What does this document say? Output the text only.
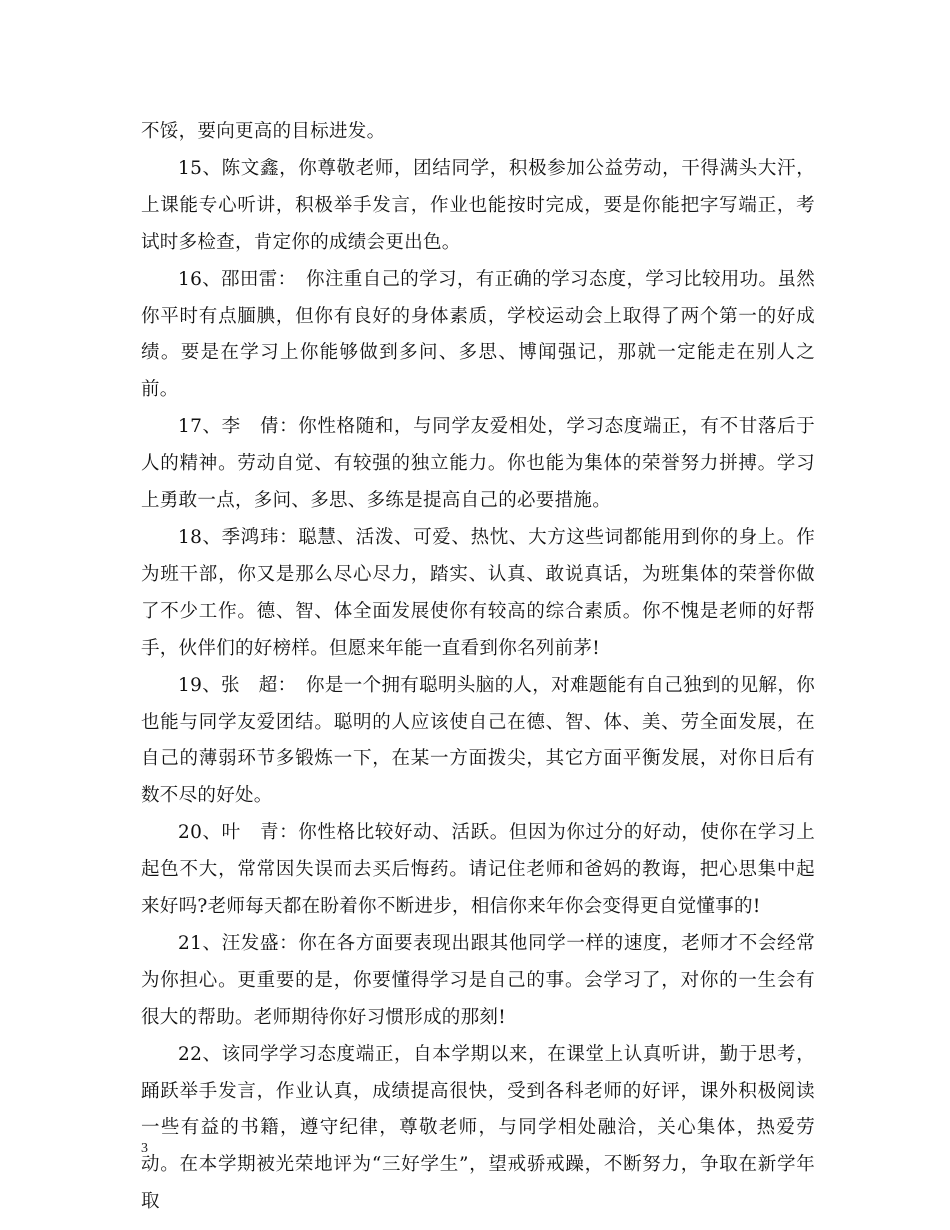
不馁，要向更高的目标进发。

15、陈文鑫，你尊敬老师，团结同学，积极参加公益劳动，干得满头大汗，上课能专心听讲，积极举手发言，作业也能按时完成，要是你能把字写端正，考试时多检查，肯定你的成绩会更出色。

16、邵田雷：　你注重自己的学习，有正确的学习态度，学习比较用功。虽然你平时有点腼腆，但你有良好的身体素质，学校运动会上取得了两个第一的好成绩。要是在学习上你能够做到多问、多思、博闻强记，那就一定能走在别人之前。

17、李　倩：你性格随和，与同学友爱相处，学习态度端正，有不甘落后于人的精神。劳动自觉、有较强的独立能力。你也能为集体的荣誉努力拼搏。学习上勇敢一点，多问、多思、多练是提高自己的必要措施。

18、季鸿玮：聪慧、活泼、可爱、热忱、大方这些词都能用到你的身上。作为班干部，你又是那么尽心尽力，踏实、认真、敢说真话，为班集体的荣誉你做了不少工作。德、智、体全面发展使你有较高的综合素质。你不愧是老师的好帮手，伙伴们的好榜样。但愿来年能一直看到你名列前茅!

19、张　超：　你是一个拥有聪明头脑的人，对难题能有自己独到的见解，你也能与同学友爱团结。聪明的人应该使自己在德、智、体、美、劳全面发展，在自己的薄弱环节多锻炼一下，在某一方面拨尖，其它方面平衡发展，对你日后有数不尽的好处。

20、叶　青：你性格比较好动、活跃。但因为你过分的好动，使你在学习上起色不大，常常因失误而去买后悔药。请记住老师和爸妈的教诲，把心思集中起来好吗?老师每天都在盼着你不断进步，相信你来年你会变得更自觉懂事的!

21、汪发盛：你在各方面要表现出跟其他同学一样的速度，老师才不会经常为你担心。更重要的是，你要懂得学习是自己的事。会学习了，对你的一生会有很大的帮助。老师期待你好习惯形成的那刻!

22、该同学学习态度端正，自本学期以来，在课堂上认真听讲，勤于思考，踊跃举手发言，作业认真，成绩提高很快，受到各科老师的好评，课外积极阅读一些有益的书籍，遵守纪律，尊敬老师，与同学相处融洽，关心集体，热爱劳动。在本学期被光荣地评为“三好学生”，望戒骄戒躁，不断努力，争取在新学年取

3
